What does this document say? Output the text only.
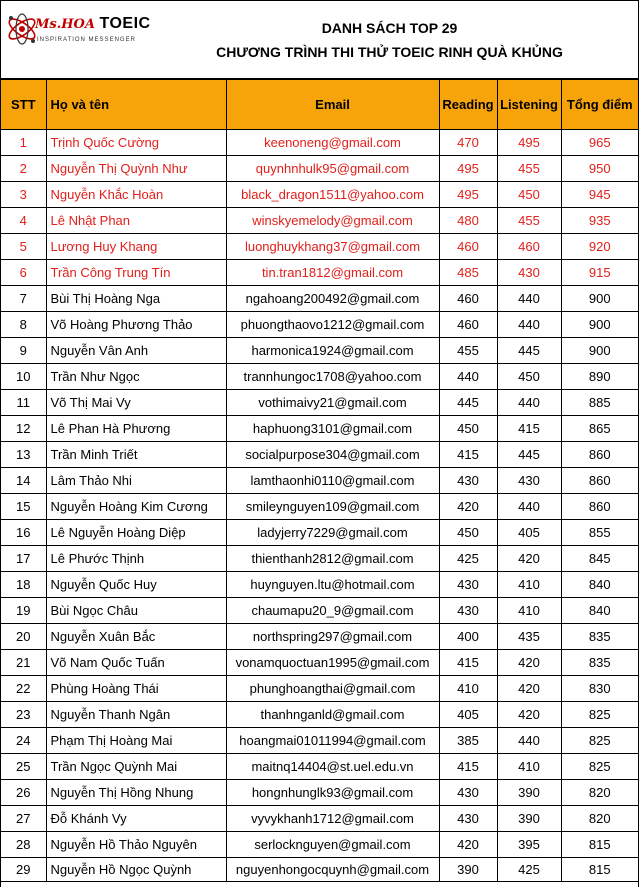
Ms.HOA TOEIC
INSPIRATION MESSENGER
DANH SÁCH TOP 29
CHƯƠNG TRÌNH THI THỬ TOEIC RINH QUÀ KHỦNG
STT	Họ và tên	Email	Reading	Listening	Tổng điểm
1	Trịnh Quốc Cường	keenoneng@gmail.com	470	495	965
2	Nguyễn Thị Quỳnh Như	quynhnhulk95@gmail.com	495	455	950
3	Nguyễn Khắc Hoàn	black_dragon1511@yahoo.com	495	450	945
4	Lê Nhật Phan	winskyemelody@gmail.com	480	455	935
5	Lương Huy Khang	luonghuykhang37@gmail.com	460	460	920
6	Trần Công Trung Tín	tin.tran1812@gmail.com	485	430	915
7	Bùi Thị Hoàng Nga	ngahoang200492@gmail.com	460	440	900
8	Võ Hoàng Phương Thảo	phuongthaovo1212@gmail.com	460	440	900
9	Nguyễn Vân Anh	harmonica1924@gmail.com	455	445	900
10	Trần Như Ngọc	trannhungoc1708@yahoo.com	440	450	890
11	Võ Thị Mai Vy	vothimaivy21@gmail.com	445	440	885
12	Lê Phan Hà Phương	haphuong3101@gmail.com	450	415	865
13	Trần Minh Triết	socialpurpose304@gmail.com	415	445	860
14	Lâm Thảo Nhi	lamthaonhi0110@gmail.com	430	430	860
15	Nguyễn Hoàng Kim Cương	smileynguyen109@gmail.com	420	440	860
16	Lê Nguyễn Hoàng Diệp	ladyjerry7229@gmail.com	450	405	855
17	Lê Phước Thịnh	thienthanh2812@gmail.com	425	420	845
18	Nguyễn Quốc Huy	huynguyen.ltu@hotmail.com	430	410	840
19	Bùi Ngọc Châu	chaumapu20_9@gmail.com	430	410	840
20	Nguyễn Xuân Bắc	northspring297@gmail.com	400	435	835
21	Võ Nam Quốc Tuấn	vonamquoctuan1995@gmail.com	415	420	835
22	Phùng Hoàng Thái	phunghoangthai@gmail.com	410	420	830
23	Nguyễn Thanh Ngân	thanhnganld@gmail.com	405	420	825
24	Phạm Thị Hoàng Mai	hoangmai01011994@gmail.com	385	440	825
25	Trần Ngọc Quỳnh Mai	maitnq14404@st.uel.edu.vn	415	410	825
26	Nguyễn Thị Hồng Nhung	hongnhunglk93@gmail.com	430	390	820
27	Đỗ Khánh Vy	vyvykhanh1712@gmail.com	430	390	820
28	Nguyễn Hồ Thảo Nguyên	serlocknguyen@gmail.com	420	395	815
29	Nguyễn Hồ Ngọc Quỳnh	nguyenhongocquynh@gmail.com	390	425	815
